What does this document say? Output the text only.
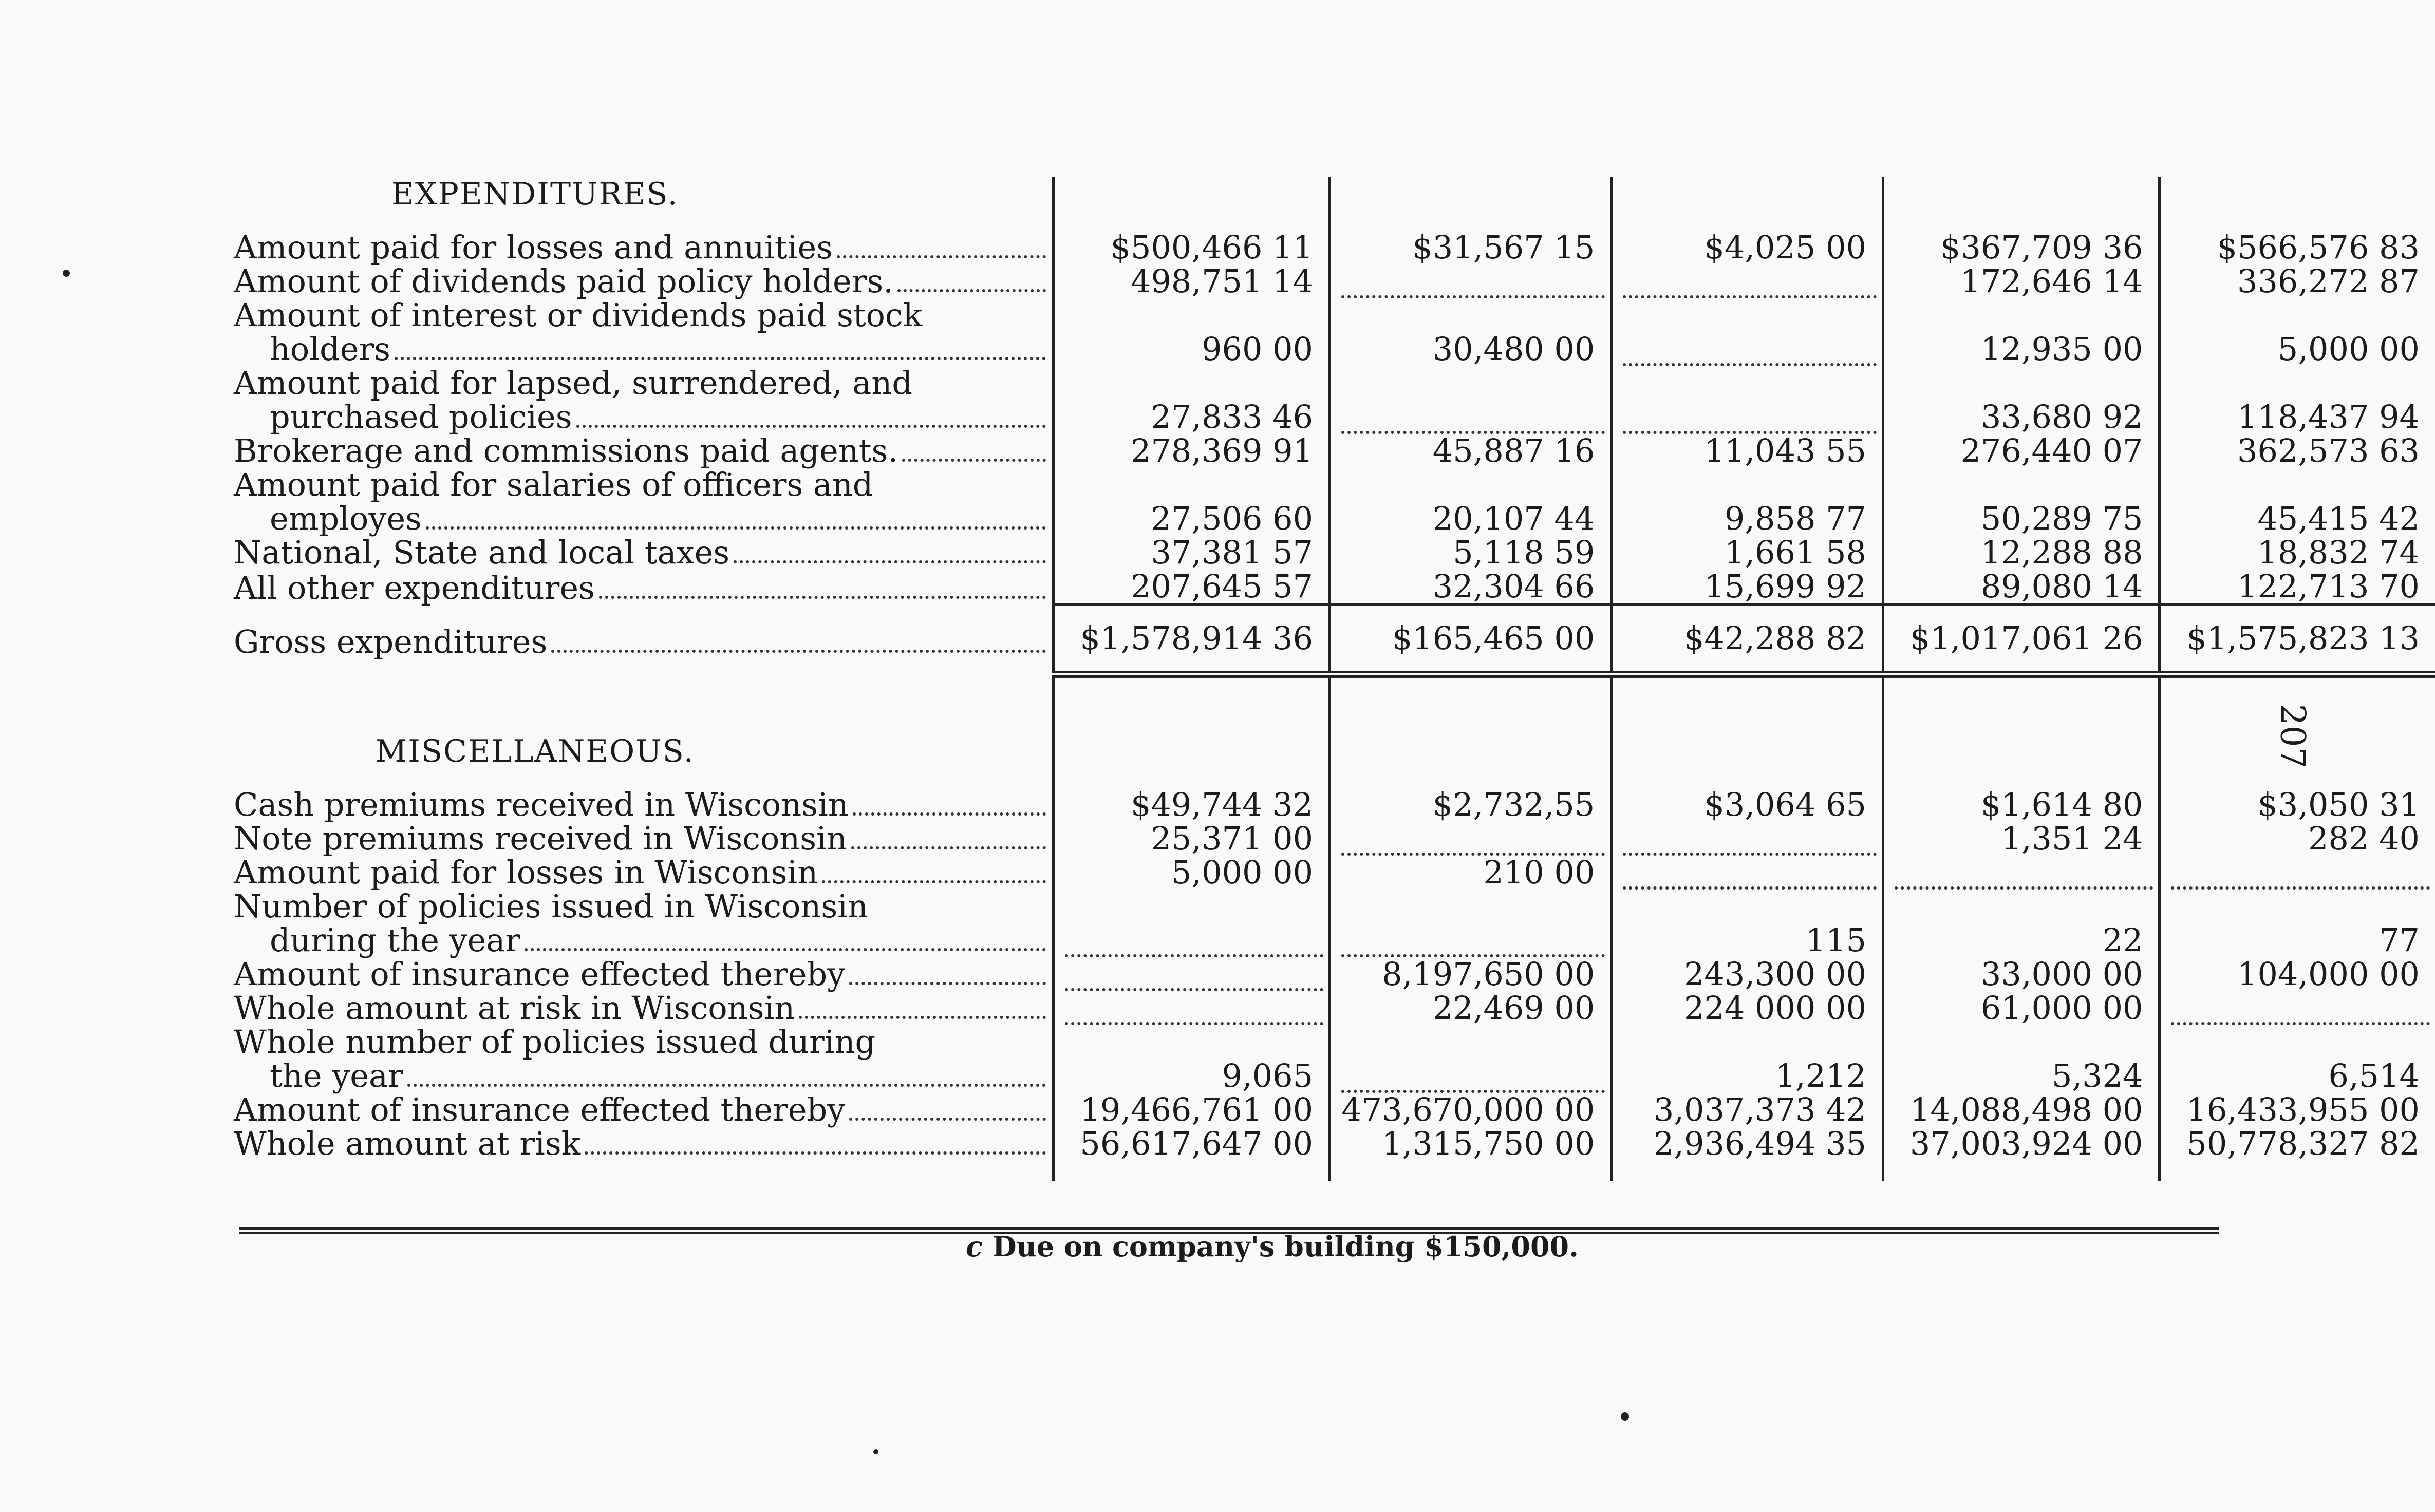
EXPENDITURES.					

Amount paid for losses and annuities	$500,466 11	$31,567 15	$4,025 00	$367,709 36	$566,576 83

Amount of dividends paid policy holders.	498,751 14			172,646 14	336,272 87

Amount of interest or dividends paid stock
holders	960 00	30,480 00		12,935 00	5,000 00

Amount paid for lapsed, surrendered, and
purchased policies	27,833 46			33,680 92	118,437 94

Brokerage and commissions paid agents.	278,369 91	45,887 16	11,043 55	276,440 07	362,573 63

Amount paid for salaries of officers and
employes	27,506 60	20,107 44	9,858 77	50,289 75	45,415 42

National, State and local taxes	37,381 57	5,118 59	1,661 58	12,288 88	18,832 74

All other expenditures	207,645 57	32,304 66	15,699 92	89,080 14	122,713 70

Gross expenditures	$1,578,914 36	$165,465 00	$42,288 82	$1,017,061 26	$1,575,823 13

MISCELLANEOUS.					

Cash premiums received in Wisconsin	$49,744 32	$2,732,55	$3,064 65	$1,614 80	$3,050 31

Note premiums received in Wisconsin	25,371 00			1,351 24	282 40

Amount paid for losses in Wisconsin	5,000 00	210 00	

Number of policies issued in Wisconsin
during the year			115	22	77

Amount of insurance effected thereby		8,197,650 00	243,300 00	33,000 00	104,000 00

Whole amount at risk in Wisconsin		22,469 00	224 000 00	61,000 00	

Whole number of policies issued during
the year	9,065		1,212	5,324	6,514

Amount of insurance effected thereby	19,466,761 00	473,670,000 00	3,037,373 42	14,088,498 00	16,433,955 00

Whole amount at risk	56,617,647 00	1,315,750 00	2,936,494 35	37,003,924 00	50,778,327 82

c Due on company's building $150,000.
207
